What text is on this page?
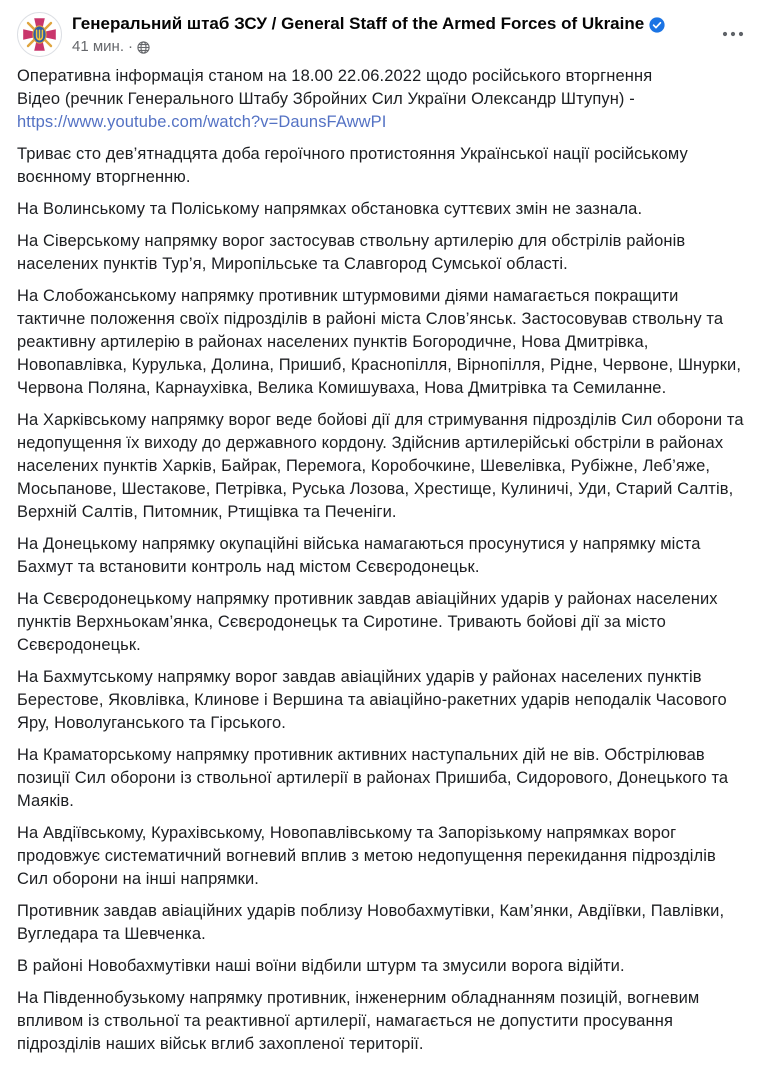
Генеральний штаб ЗСУ / General Staff of the Armed Forces of Ukraine
41 мин. ·

Оперативна інформація станом на 18.00 22.06.2022 щодо російського вторгнення
Відео (речник Генерального Штабу Збройних Сил України Олександр Штупун) -
https://www.youtube.com/watch?v=DaunsFAwwPI

Триває сто дев’ятнадцята доба героїчного протистояння Української нації російському воєнному вторгненню.

На Волинському та Поліському напрямках обстановка суттєвих змін не зазнала.

На Сіверському напрямку ворог застосував ствольну артилерію для обстрілів районів населених пунктів Тур’я, Миропільське та Славгород Сумської області.

На Слобожанському напрямку противник штурмовими діями намагається покращити тактичне положення своїх підрозділів в районі міста Слов’янськ. Застосовував ствольну та реактивну артилерію в районах населених пунктів Богородичне, Нова Дмитрівка, Новопавлівка, Курулька, Долина, Пришиб, Краснопілля, Вірнопілля, Рідне, Червоне, Шнурки, Червона Поляна, Карнаухівка, Велика Комишуваха, Нова Дмитрівка та Семиланне.

На Харківському напрямку ворог веде бойові дії для стримування підрозділів Сил оборони та недопущення їх виходу до державного кордону. Здійснив артилерійські обстріли в районах населених пунктів Харків, Байрак, Перемога, Коробочкине, Шевелівка, Рубіжне, Леб’яже, Мосьпанове, Шестакове, Петрівка, Руська Лозова, Хрестище, Кулиничі, Уди, Старий Салтів, Верхній Салтів, Питомник, Ртищівка та Печеніги.

На Донецькому напрямку окупаційні війська намагаються просунутися у напрямку міста Бахмут та встановити контроль над містом Сєвєродонецьк.

На Сєвєродонецькому напрямку противник завдав авіаційних ударів у районах населених пунктів Верхньокам’янка, Сєвєродонецьк та Сиротине. Тривають бойові дії за місто Сєвєродонецьк.

На Бахмутському напрямку ворог завдав авіаційних ударів у районах населених пунктів Берестове, Яковлівка, Клинове і Вершина та авіаційно-ракетних ударів неподалік Часового Яру, Новолуганського та Гірського.

На Краматорському напрямку противник активних наступальних дій не вів. Обстрілював позиції Сил оборони із ствольної артилерії в районах Пришиба, Сидорового, Донецького та Маяків.

На Авдіївському, Курахівському, Новопавлівському та Запорізькому напрямках ворог продовжує систематичний вогневий вплив з метою недопущення перекидання підрозділів Сил оборони на інші напрямки.

Противник завдав авіаційних ударів поблизу Новобахмутівки, Кам’янки, Авдіївки, Павлівки, Вугледара та Шевченка.

В районі Новобахмутівки наші воїни відбили штурм та змусили ворога відійти.

На Південнобузькому напрямку противник, інженерним обладнанням позицій, вогневим впливом із ствольної та реактивної артилерії, намагається не допустити просування підрозділів наших військ вглиб захопленої території.
